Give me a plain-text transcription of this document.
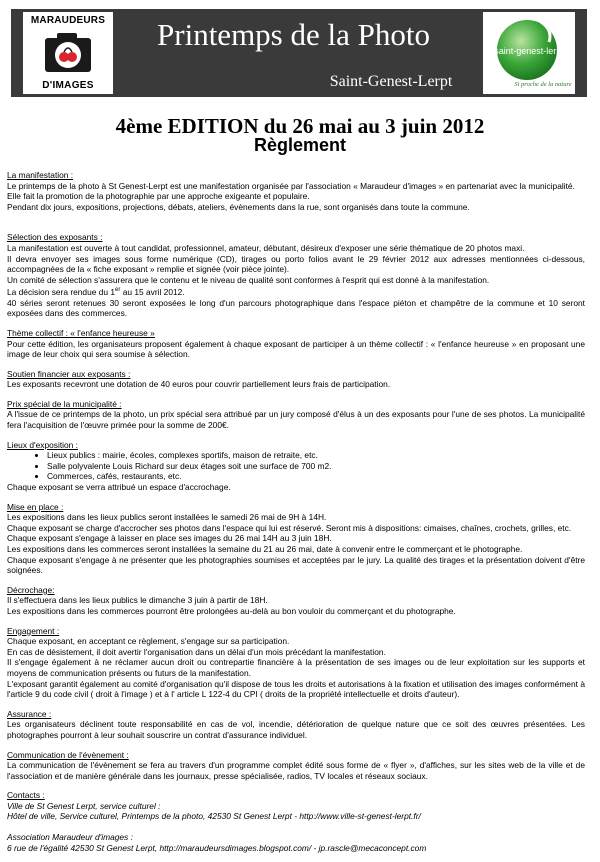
MARAUDEURS
D'IMAGES
Printemps de la Photo
Saint-Genest-Lerpt
saint-genest-lerpt
Si proche de la nature
4ème EDITION du 26 mai au 3 juin 2012
Règlement
La manifestation :
Le printemps de la photo à St Genest-Lerpt est une manifestation organisée par l'association « Maraudeur d'images » en partenariat avec la municipalité.
Elle fait la promotion de la photographie par une approche exigeante et populaire.
Pendant dix jours, expositions, projections, débats, ateliers, évènements dans la rue, sont organisés dans toute la commune.
Sélection des exposants :
La manifestation est ouverte à tout candidat, professionnel, amateur, débutant, désireux d'exposer une série thématique de 20 photos maxi.
Il devra envoyer ses images sous forme numérique (CD), tirages ou porto folios avant le 29 février 2012 aux adresses mentionnées ci-dessous, accompagnées de la « fiche exposant » remplie et signée (voir pièce jointe).
Un comité de sélection s'assurera que le contenu et le niveau de qualité sont conformes à l'esprit qui est donné à la manifestation.
La décision sera rendue du 1er au 15 avril 2012.
40 séries seront retenues 30 seront exposées le long d'un parcours photographique dans l'espace piéton et champêtre de la commune et 10 seront exposées dans des commerces.
Thème collectif : « l'enfance heureuse »
Pour cette édition, les organisateurs proposent également à chaque exposant de participer à un thème collectif : « l'enfance heureuse » en proposant une image de leur choix qui sera soumise à sélection.
Soutien financier aux exposants :
Les exposants recevront une dotation de 40 euros pour couvrir partiellement leurs frais de participation.
Prix spécial de la municipalité :
A l'issue de ce printemps de la photo, un prix spécial sera attribué par un jury composé d'élus à un des exposants pour l'une de ses photos. La municipalité fera l'acquisition de l'œuvre primée pour la somme de 200€.
Lieux d'exposition :
• Lieux publics : mairie, écoles, complexes sportifs, maison de retraite, etc.
• Salle polyvalente Louis Richard sur deux étages soit une surface de 700 m2.
• Commerces, cafés, restaurants, etc.
Chaque exposant se verra attribué un espace d'accrochage.
Mise en place :
Les expositions dans les lieux publics seront installées le samedi 26 mai de 9H à 14H.
Chaque exposant se charge d'accrocher ses photos dans l'espace qui lui est réservé. Seront mis à dispositions: cimaises, chaînes, crochets, grilles, etc.
Chaque exposant s'engage à laisser en place ses images du 26 mai 14H au 3 juin 18H.
Les expositions dans les commerces seront installées la semaine du 21 au 26 mai, date à convenir entre le commerçant et le photographe.
Chaque exposant s'engage à ne présenter que les photographies soumises et acceptées par le jury. La qualité des tirages et la présentation doivent d'être soignées.
Décrochage:
Il s'effectuera dans les lieux publics le dimanche 3 juin à partir de 18H.
Les expositions dans les commerces pourront être prolongées au-delà au bon vouloir du commerçant et du photographe.
Engagement :
Chaque exposant, en acceptant ce règlement, s'engage sur sa participation.
En cas de désistement, il doit avertir l'organisation dans un délai d'un mois précédant la manifestation.
Il s'engage également à ne réclamer aucun droit ou contrepartie financière à la présentation de ses images ou de leur exploitation sur les supports et moyens de communication présents ou futurs de la manifestation.
L'exposant garantit également au comité d'organisation qu'il dispose de tous les droits et autorisations à la fixation et utilisation des images conformément à l'article 9 du code civil ( droit à l'image ) et à l' article L 122-4 du CPI ( droits de la propriété intellectuelle et droits d'auteur).
Assurance :
Les organisateurs déclinent toute responsabilité en cas de vol, incendie, détérioration de quelque nature que ce soit des œuvres présentées. Les photographes pourront à leur souhait souscrire un contrat d'assurance individuel.
Communication de l'évènement :
La communication de l'évènement se fera au travers d'un programme complet édité sous forme de « flyer », d'affiches, sur les sites web de la ville et de l'association et de manière générale dans les journaux, presse spécialisée, radios, TV locales et réseaux sociaux.
Contacts :
Ville de St Genest Lerpt, service culturel :
Hôtel de ville, Service culturel, Printemps de la photo, 42530 St Genest Lerpt - http://www.ville-st-genest-lerpt.fr/
Association Maraudeur d'images :
6 rue de l'égalité 42530 St Genest Lerpt, http://maraudeursdimages.blogspot.com/ - jp.rascle@mecaconcept.com
